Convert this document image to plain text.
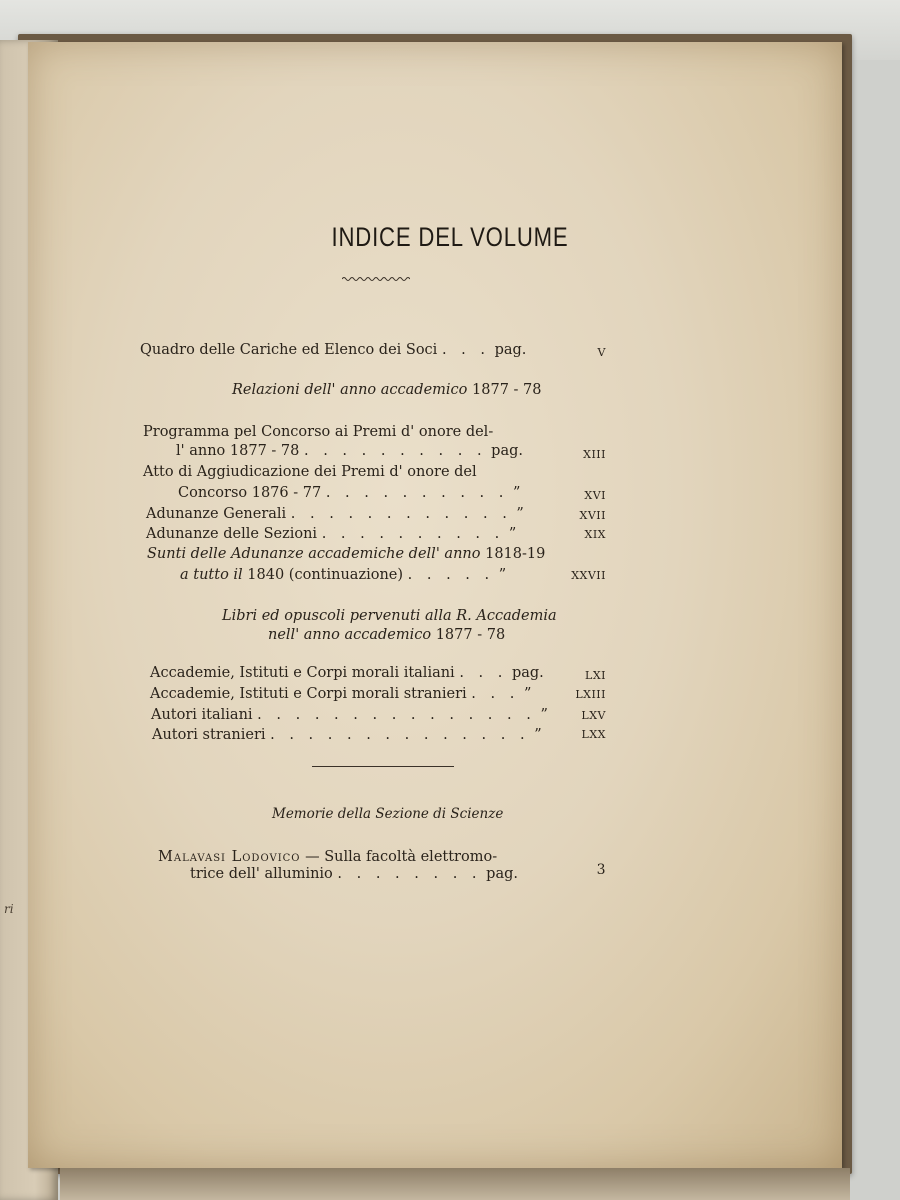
ri
INDICE DEL VOLUME
Quadro delle Cariche ed Elenco dei Soci . . . pag.	V
Relazioni dell' anno accademico 1877 - 78
Programma pel Concorso ai Premi d' onore del-
l' anno 1877 - 78 . . . . . . . . . . pag.	XIII
Atto di Aggiudicazione dei Premi d' onore del
Concorso 1876 - 77 . . . . . . . . . . ”	XVI
Adunanze Generali . . . . . . . . . . . . ”	XVII
Adunanze delle Sezioni . . . . . . . . . . ”	XIX
Sunti delle Adunanze accademiche dell' anno 1818-19
a tutto il 1840 (continuazione) . . . . . ”	XXVII
Libri ed opuscoli pervenuti alla R. Accademia
nell' anno accademico 1877 - 78
Accademie, Istituti e Corpi morali italiani . . . pag.	LXI
Accademie, Istituti e Corpi morali stranieri . . . ”	LXIII
Autori italiani . . . . . . . . . . . . . . . ”	LXV
Autori stranieri . . . . . . . . . . . . . . ”	LXX
Memorie della Sezione di Scienze
Malavasi Lodovico — Sulla facoltà elettromo-
trice dell' alluminio . . . . . . . . pag.	3
